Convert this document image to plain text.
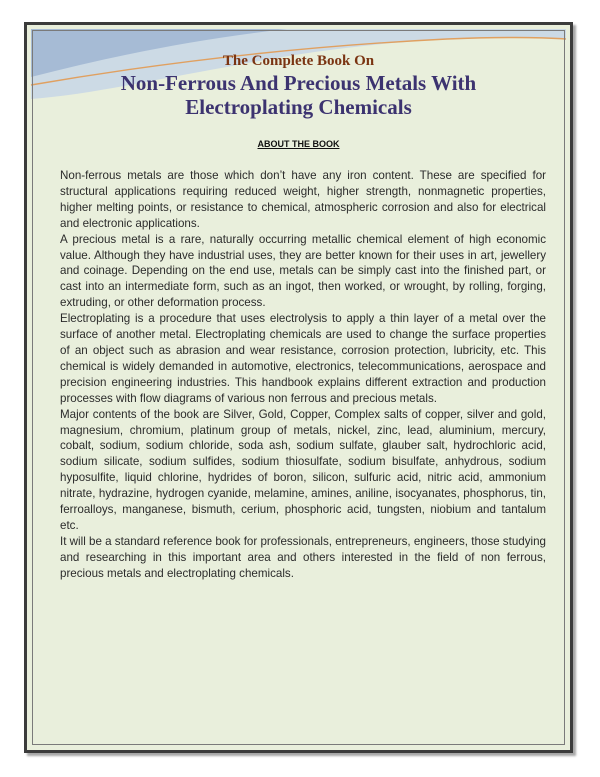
The Complete Book On
Non-Ferrous And Precious Metals With
Electroplating Chemicals
ABOUT THE BOOK

Non-ferrous metals are those which don’t have any iron content. These are specified for structural applications requiring reduced weight, higher strength, nonmagnetic properties, higher melting points, or resistance to chemical, atmospheric corrosion and also for electrical and electronic applications.

A precious metal is a rare, naturally occurring metallic chemical element of high economic value. Although they have industrial uses, they are better known for their uses in art, jewellery and coinage. Depending on the end use, metals can be simply cast into the finished part, or cast into an intermediate form, such as an ingot, then worked, or wrought, by rolling, forging, extruding, or other deformation process.

Electroplating is a procedure that uses electrolysis to apply a thin layer of a metal over the surface of another metal. Electroplating chemicals are used to change the surface properties of an object such as abrasion and wear resistance, corrosion protection, lubricity, etc. This chemical is widely demanded in automotive, electronics, telecommunications, aerospace and precision engineering industries. This handbook explains different extraction and production processes with flow diagrams of various non ferrous and precious metals.

Major contents of the book are Silver, Gold, Copper, Complex salts of copper, silver and gold, magnesium, chromium, platinum group of metals, nickel, zinc, lead, aluminium, mercury, cobalt, sodium, sodium chloride, soda ash, sodium sulfate, glauber salt, hydrochloric acid, sodium silicate, sodium sulfides, sodium thiosulfate, sodium bisulfate, anhydrous, sodium hyposulfite, liquid chlorine, hydrides of boron, silicon, sulfuric acid, nitric acid, ammonium nitrate, hydrazine, hydrogen cyanide, melamine, amines, aniline, isocyanates, phosphorus, tin, ferroalloys, manganese, bismuth, cerium, phosphoric acid, tungsten, niobium and tantalum etc.

It will be a standard reference book for professionals, entrepreneurs, engineers, those studying and researching in this important area and others interested in the field of non ferrous, precious metals and electroplating chemicals.
